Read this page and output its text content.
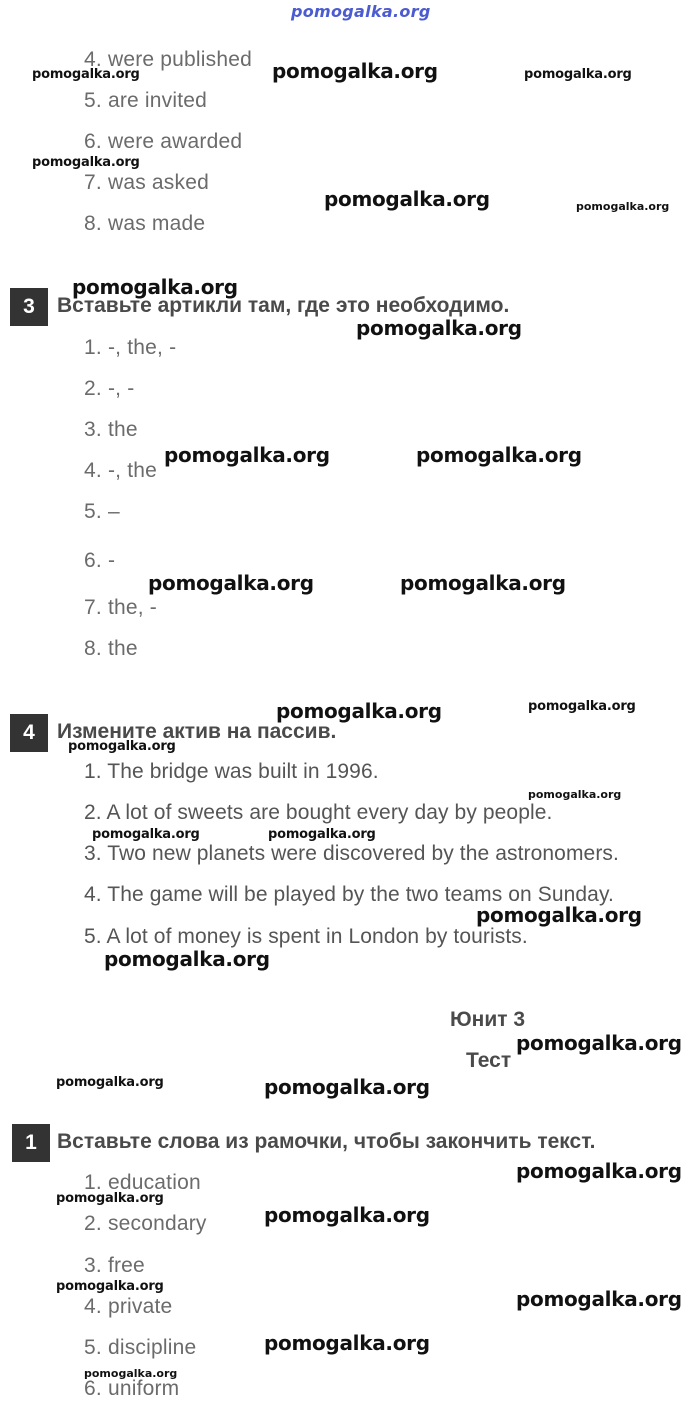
pomogalka.org
4. were published
5. are invited
6. were awarded
7. was asked
8. was made
3	Вставьте артикли там, где это необходимо.
1. -, the, -
2. -, -
3. the
4. -, the
5. –
6. -
7. the, -
8. the
4	Измените актив на пассив.
1. The bridge was built in 1996.
2. A lot of sweets are bought every day by people.
3. Two new planets were discovered by the astronomers.
4. The game will be played by the two teams on Sunday.
5. A lot of money is spent in London by tourists.
Юнит 3
Тест
1 Вставьте слова из рамочки, чтобы закончить текст.
1. education
2. secondary
3. free
4. private
5. discipline
6. uniform
pomogalka.org
pomogalka.org	pomogalka.org
pomogalka.org
pomogalka.org	pomogalka.org
pomogalka.org
pomogalka.org
pomogalka.org	pomogalka.org
pomogalka.org	pomogalka.org
pomogalka.org	pomogalka.org
pomogalka.org
pomogalka.org
pomogalka.org	pomogalka.org
pomogalka.org
pomogalka.org
pomogalka.org
pomogalka.org	pomogalka.org
pomogalka.org
pomogalka.org
pomogalka.org
pomogalka.org
pomogalka.org
pomogalka.org
pomogalka.org
